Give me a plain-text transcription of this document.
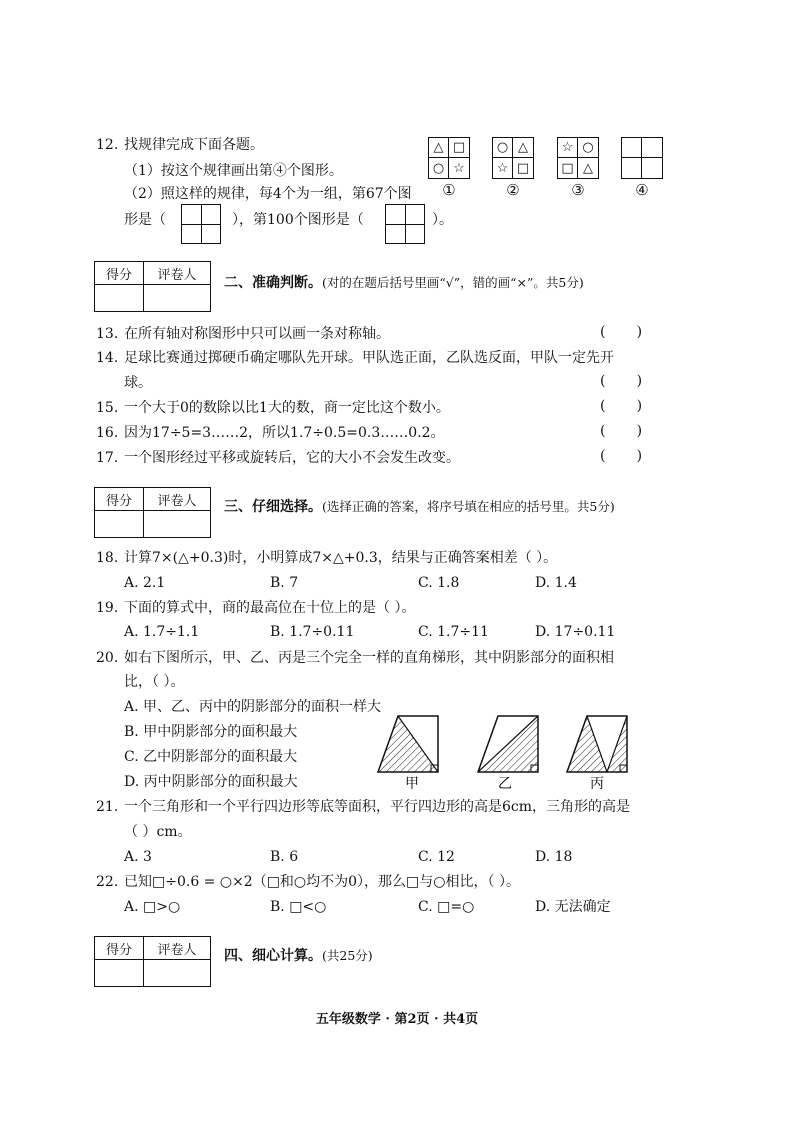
12. 找规律完成下面各题。
（1）按这个规律画出第④个图形。
（2）照这样的规律，每4个为一组，第67个图
形是（	），第100个图形是（	）。
△ □
○ ☆
①
○ △
☆ □
②
☆ ○
□ △
③	④
得分	评卷人
	二、准确判断。(对的在题后括号里画“√”，错的画“×”。共5分)
13. 在所有轴对称图形中只可以画一条对称轴。	(       )
14. 足球比赛通过掷硬币确定哪队先开球。甲队选正面，乙队选反面，甲队一定先开
球。	(       )
15. 一个大于0的数除以比1大的数，商一定比这个数小。	(       )
16. 因为17÷5=3……2，所以1.7÷0.5=0.3……0.2。	(       )
17. 一个图形经过平移或旋转后，它的大小不会发生改变。	(       )
得分	评卷人
	三、仔细选择。(选择正确的答案，将序号填在相应的括号里。共5分)
18. 计算7×(△+0.3)时，小明算成7×△+0.3，结果与正确答案相差（ ）。
A. 2.1	B. 7	C. 1.8	D. 1.4
19. 下面的算式中，商的最高位在十位上的是（ ）。
A. 1.7÷1.1	B. 1.7÷0.11	C. 1.7÷11	D. 17÷0.11
20. 如右下图所示，甲、乙、丙是三个完全一样的直角梯形，其中阴影部分的面积相
比，（ ）。
A. 甲、乙、丙中的阴影部分的面积一样大
B. 甲中阴影部分的面积最大
C. 乙中阴影部分的面积最大
D. 丙中阴影部分的面积最大	甲	乙	丙
21. 一个三角形和一个平行四边形等底等面积，平行四边形的高是6cm，三角形的高是
（ ）cm。
A. 3	B. 6	C. 12	D. 18
22. 已知□÷0.6 = ○×2（□和○均不为0），那么□与○相比，（ ）。
A. □>○	B. □<○	C. □=○	D. 无法确定
得分	评卷人
	四、细心计算。(共25分)
五年级数学 · 第2页 · 共4页
